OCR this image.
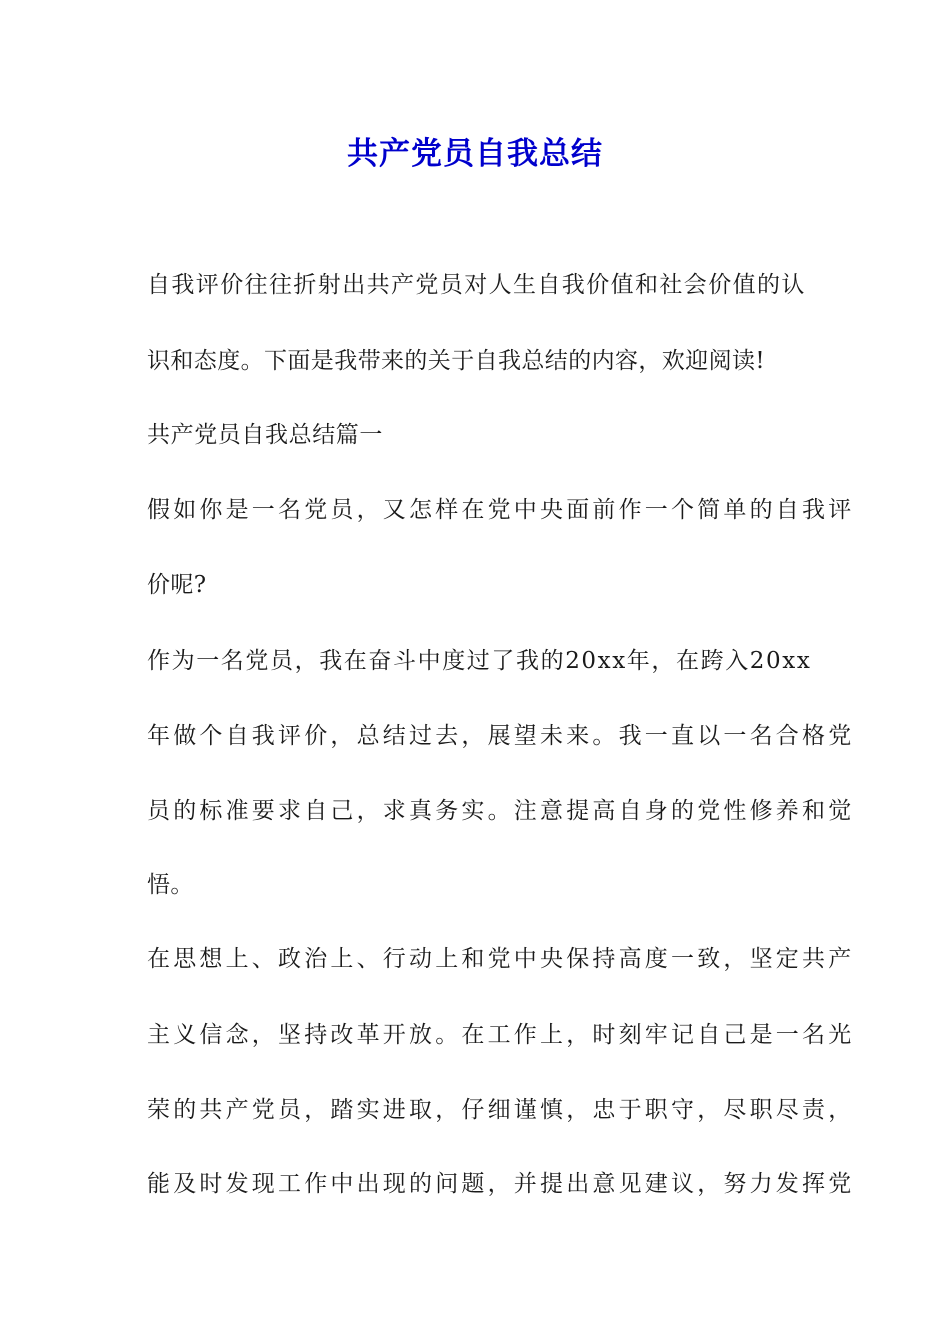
共产党员自我总结

自我评价往往折射出共产党员对人生自我价值和社会价值的认

识和态度。下面是我带来的关于自我总结的内容，欢迎阅读!

共产党员自我总结篇一

假如你是一名党员，又怎样在党中央面前作一个简单的自我评

价呢?

作为一名党员，我在奋斗中度过了我的20xx年，在跨入20xx

年做个自我评价，总结过去，展望未来。我一直以一名合格党

员的标准要求自己，求真务实。注意提高自身的党性修养和觉

悟。

在思想上、政治上、行动上和党中央保持高度一致，坚定共产

主义信念，坚持改革开放。在工作上，时刻牢记自己是一名光

荣的共产党员，踏实进取，仔细谨慎，忠于职守，尽职尽责，

能及时发现工作中出现的问题，并提出意见建议，努力发挥党
